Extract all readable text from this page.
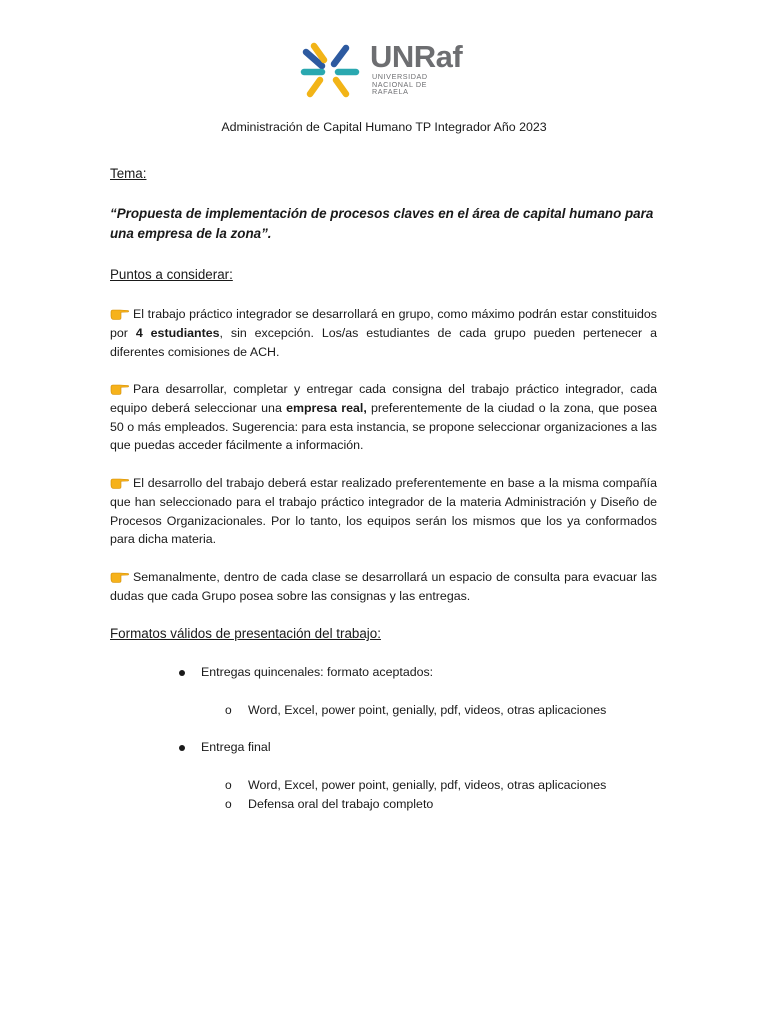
UNRaf
UNIVERSIDAD
NACIONAL DE
RAFAELA
Administración de Capital Humano TP Integrador Año 2023
Tema:
“Propuesta de implementación de procesos claves en el área de capital humano para una empresa de la zona”.
Puntos a considerar:
El trabajo práctico integrador se desarrollará en grupo, como máximo podrán estar constituidos por 4 estudiantes, sin excepción. Los/as estudiantes de cada grupo pueden pertenecer a diferentes comisiones de ACH.
Para desarrollar, completar y entregar cada consigna del trabajo práctico integrador, cada equipo deberá seleccionar una empresa real, preferentemente de la ciudad o la zona, que posea 50 o más empleados. Sugerencia: para esta instancia, se propone seleccionar organizaciones a las que puedas acceder fácilmente a información.
El desarrollo del trabajo deberá estar realizado preferentemente en base a la misma compañía que han seleccionado para el trabajo práctico integrador de la materia Administración y Diseño de Procesos Organizacionales. Por lo tanto, los equipos serán los mismos que los ya conformados para dicha materia.
Semanalmente, dentro de cada clase se desarrollará un espacio de consulta para evacuar las dudas que cada Grupo posea sobre las consignas y las entregas.
Formatos válidos de presentación del trabajo:
Entregas quincenales: formato aceptados:
o Word, Excel, power point, genially, pdf, videos, otras aplicaciones
Entrega final
o Word, Excel, power point, genially, pdf, videos, otras aplicaciones
o Defensa oral del trabajo completo
